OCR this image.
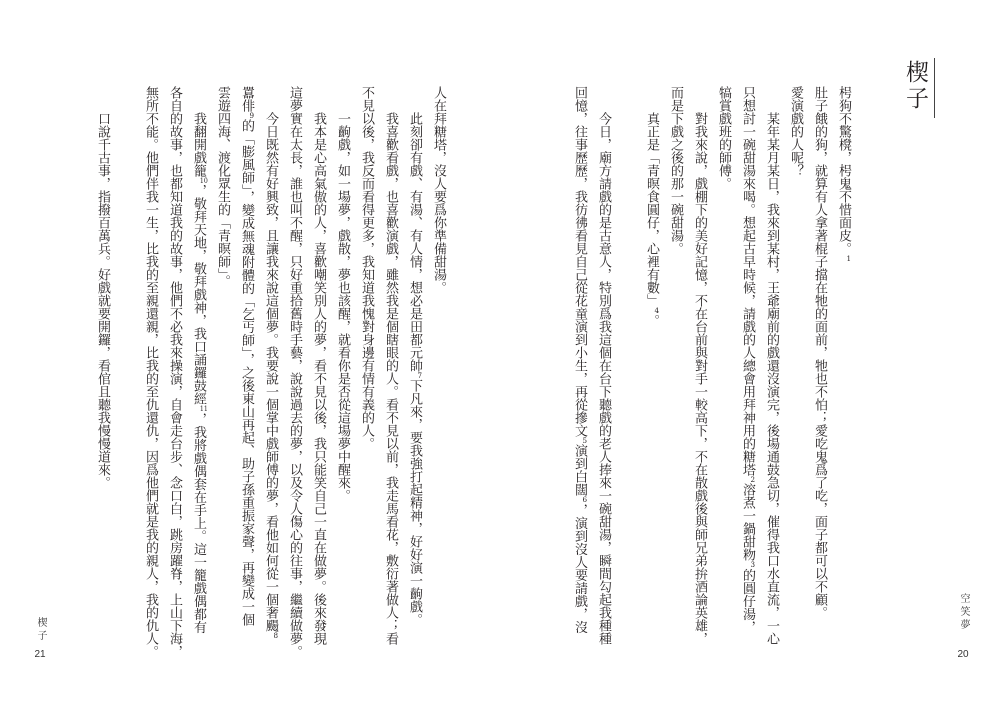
楔子
枵狗不驚櫈，枵鬼不惜面皮。$^1$
肚子餓的狗，就算有人拿著棍子擋在牠的面前，牠也不怕；愛吃鬼爲了吃，面子都可以不顧。
愛演戲的人呢？
某年某月某日，我來到某村，王爺廟前的戲還沒演完，後場通鼓急切，催得我口水直流，一心
只想討一碗甜湯來喝。想起古早時候，請戲的人總會用拜神用的糖塔$^2$溶煮一鍋甜粅$^3$的圓仔湯，
犒賞戲班的師傅。
對我來說，戲棚下的美好記憶，不在台前與對手一較高下，不在散戲後與師兄弟拚酒論英雄，
而是下戲之後的那一碗甜湯。
真正是「青暝食圓仔，心裡有數」$^4$。
今日，廟方請戲的是古意人，特別爲我這個在台下聽戲的老人捧來一碗甜湯，瞬間勾起我種種
回憶，往事歷歷，我彷彿看見自己從花童演到小生，再從摻文$^5$演到白闊$^6$，演到沒人要請戲，沒	空笑夢
20
人在拜糖塔，沒人要爲你準備甜湯。
此刻卻有戲、有湯、有人情，想必是田都元帥$^7$下凡來，要我強打起精神，好好演一齣戲。
我喜歡看戲，也喜歡演戲，雖然我是個瞎眼的人。看不見以前，我走馬看花，敷衍著做人；看
不見以後，我反而看得更多，我知道我愧對身邊有情有義的人。
一齣戲，如一場夢，戲散，夢也該醒，就看你是否從這場夢中醒來。
我本是心高氣傲的人，喜歡嘲笑別人的夢，看不見以後，我只能笑自己一直在做夢。後來發現
這夢實在太長，誰也叫不醒，只好重拾舊時手藝，說說過去的夢，以及令人傷心的往事，繼續做夢。
今日既然有好興致，且讓我來說這個夢。我要說一個掌中戲師傅的夢，看他如何從一個奢颺$^8$
囂俳$^9$的「膨風師」，變成無魂附體的「乞丐師」，之後東山再起、助子孫重振家聲，再變成一個
雲遊四海、渡化眾生的「青暝師」。
我翻開戲籠$^{10}$，敬拜天地，敬拜戲神，我口誦鑼鼓經$^{11}$，我將戲偶套在手上。這一籠戲偶都有
各自的故事，也都知道我的故事，他們不必我來操演，自會走台步、念口白，跳房躍脊，上山下海，
無所不能。他們伴我一生，比我的至親還親，比我的至仇還仇，因爲他們就是我的親人，我的仇人。
口說千古事，指撥百萬兵。好戲就要開鑼，看倌且聽我慢慢道來。
楔子
21
